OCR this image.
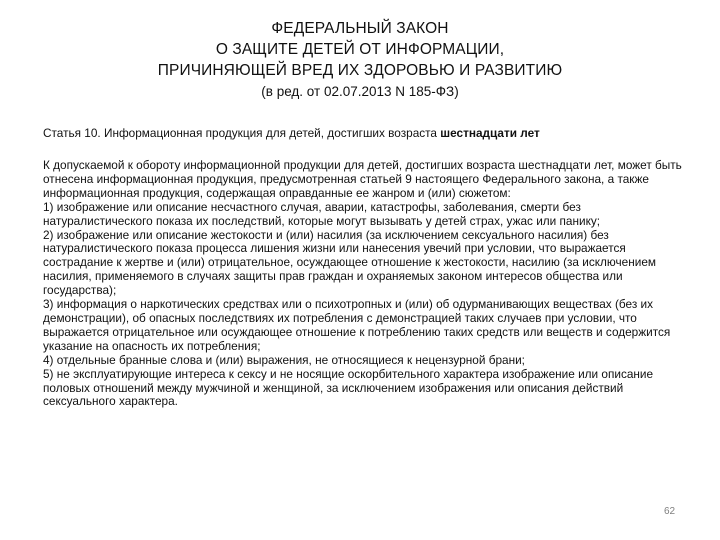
ФЕДЕРАЛЬНЫЙ ЗАКОН
О ЗАЩИТЕ ДЕТЕЙ ОТ ИНФОРМАЦИИ,
ПРИЧИНЯЮЩЕЙ ВРЕД ИХ ЗДОРОВЬЮ И РАЗВИТИЮ
(в ред. от 02.07.2013 N 185-ФЗ)
Статья 10. Информационная продукция для детей, достигших возраста шестнадцати лет

К допускаемой к обороту информационной продукции для детей, достигших возраста шестнадцати лет, может быть отнесена информационная продукция, предусмотренная статьей 9 настоящего Федерального закона, а также информационная продукция, содержащая оправданные ее жанром и (или) сюжетом:

1) изображение или описание несчастного случая, аварии, катастрофы, заболевания, смерти без натуралистического показа их последствий, которые могут вызывать у детей страх, ужас или панику;

2) изображение или описание жестокости и (или) насилия (за исключением сексуального насилия) без натуралистического показа процесса лишения жизни или нанесения увечий при условии, что выражается сострадание к жертве и (или) отрицательное, осуждающее отношение к жестокости, насилию (за исключением насилия, применяемого в случаях защиты прав граждан и охраняемых законом интересов общества или государства);

3) информация о наркотических средствах или о психотропных и (или) об одурманивающих веществах (без их демонстрации), об опасных последствиях их потребления с демонстрацией таких случаев при условии, что выражается отрицательное или осуждающее отношение к потреблению таких средств или веществ и содержится указание на опасность их потребления;

4) отдельные бранные слова и (или) выражения, не относящиеся к нецензурной брани;

5) не эксплуатирующие интереса к сексу и не носящие оскорбительного характера изображение или описание половых отношений между мужчиной и женщиной, за исключением изображения или описания действий сексуального характера.

62
